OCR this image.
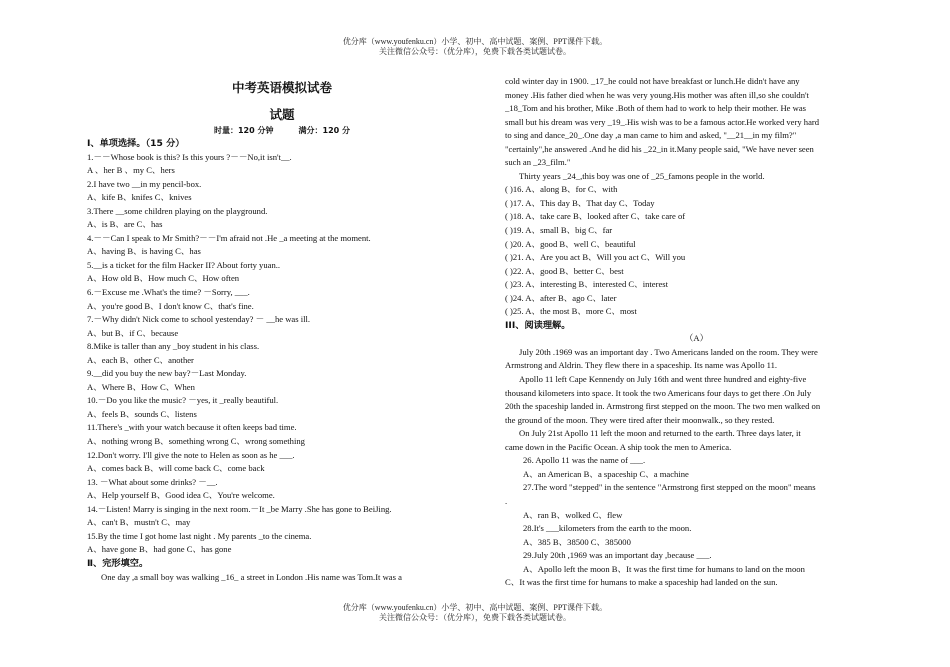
优分库（www.youfenku.cn）小学、初中、高中试题、案例、PPT课件下载。
关注微信公众号：（优分库），免费下载各类试题试卷。
中考英语模拟试卷
试题
时量：120 分钟	满分：120 分
Ⅰ、单项选择。（15 分）
1.－－Whose book is this? Is this yours ?－－No,it isn't__.
A 、her B 、my C、hers
2.I have two __in my pencil-box.
A、kife B、knifes C、knives
3.There __some children playing on the playground.
A、is B、are C、has
4.－－Can I speak to Mr Smith?－－I'm afraid not .He _a meeting at the moment.
A、having B、is having C、has
5.__is a ticket for the film Hacker II? About forty yuan..
A、How old B、How much C、How often
6.－Excuse me .What's the time? －Sorry, ___.
A、you're good B、I don't know C、that's fine.
7.－Why didn't Nick come to school yestenday? － __he was ill.
A、but B、if C、because
8.Mike is taller than any _boy student in his class.
A、each B、other C、another
9.__did you buy the new bay?－Last Monday.
A、Where B、How C、When
10.－Do you like the music? －yes, it _really beautiful.
A、feels B、sounds C、listens
11.There's _with your watch because it often keeps bad time.
A、nothing wrong B、something wrong C、wrong something
12.Don't worry. I'll give the note to Helen as soon as he ___.
A、comes back B、will come back C、come back
13. －What about some drinks? －__.
A、Help yourself B、Good idea C、You're welcome.
14.－Listen! Marry is singing in the next room.－It _be Marry .She has gone to BeiJing.
A、can't B、mustn't C、may
15.By the time I got home last night . My parents _to the cinema.
A、have gone B、had gone C、has gone
Ⅱ、完形填空。
One day ,a small boy was walking _16_ a street in London .His name was Tom.It was a
cold winter day in 1900. _17_he could not have breakfast or lunch.He didn't have any
money .His father died when he was very young.His mother was aften ill,so she couldn't
_18_Tom and his brother, Mike .Both of them had to work to help their mother. He was
small but his dream was very _19_.His wish was to be a famous actor.He worked very hard
to sing and dance_20_.One day ,a man came to him and asked, "__21__in my film?"
"certainly",he answered .And he did his _22_in it.Many people said, "We have never seen
such an _23_film."
Thirty years _24_,this boy was one of _25_famons people in the world.
( )16. A、along B、for C、with
( )17. A、This day B、That day C、Today
( )18. A、take care B、looked after C、take care of
( )19. A、small B、big C、far
( )20. A、good B、well C、beautiful
( )21. A、Are you act B、Will you act C、Will you
( )22. A、good B、better C、best
( )23. A、interesting B、interested C、interest
( )24. A、after B、ago C、later
( )25. A、the most B、more C、most
ⅠⅠⅠ、阅读理解。
（A）
July 20th .1969 was an important day . Two Americans landed on the room. They were
Armstrong and Aldrin. They flew there in a spaceship. Its name was Apollo 11.
Apollo 11 left Cape Kennendy on July 16th and went three hundred and eighty-five
thousand kilometers into space. It took the two Americans four days to get there .On July
20th the spaceship landed in. Armstrong first stepped on the moon. The two men walked on
the ground of the moon. They were tired after their moonwalk., so they rested.
On July 21st Apollo 11 left the moon and returned to the earth. Three days later, it
came down in the Pacific Ocean. A ship took the men to America.
26. Apollo 11 was the name of ___.
A、an American B、a spaceship C、a machine
27.The word "stepped" in the sentence "Armstrong first stepped on the moon" means
.
A、ran B、wolked C、flew
28.It's ___kilometers from the earth to the moon.
A、385 B、38500 C、385000
29.July 20th ,1969 was an important day ,because ___.
A、Apollo left the moon B、It was the first time for humans to land on the moon
C、It was the first time for humans to make a spaceship had landed on the sun.
优分库（www.youfenku.cn）小学、初中、高中试题、案例、PPT课件下载。
关注微信公众号：（优分库），免费下载各类试题试卷。
